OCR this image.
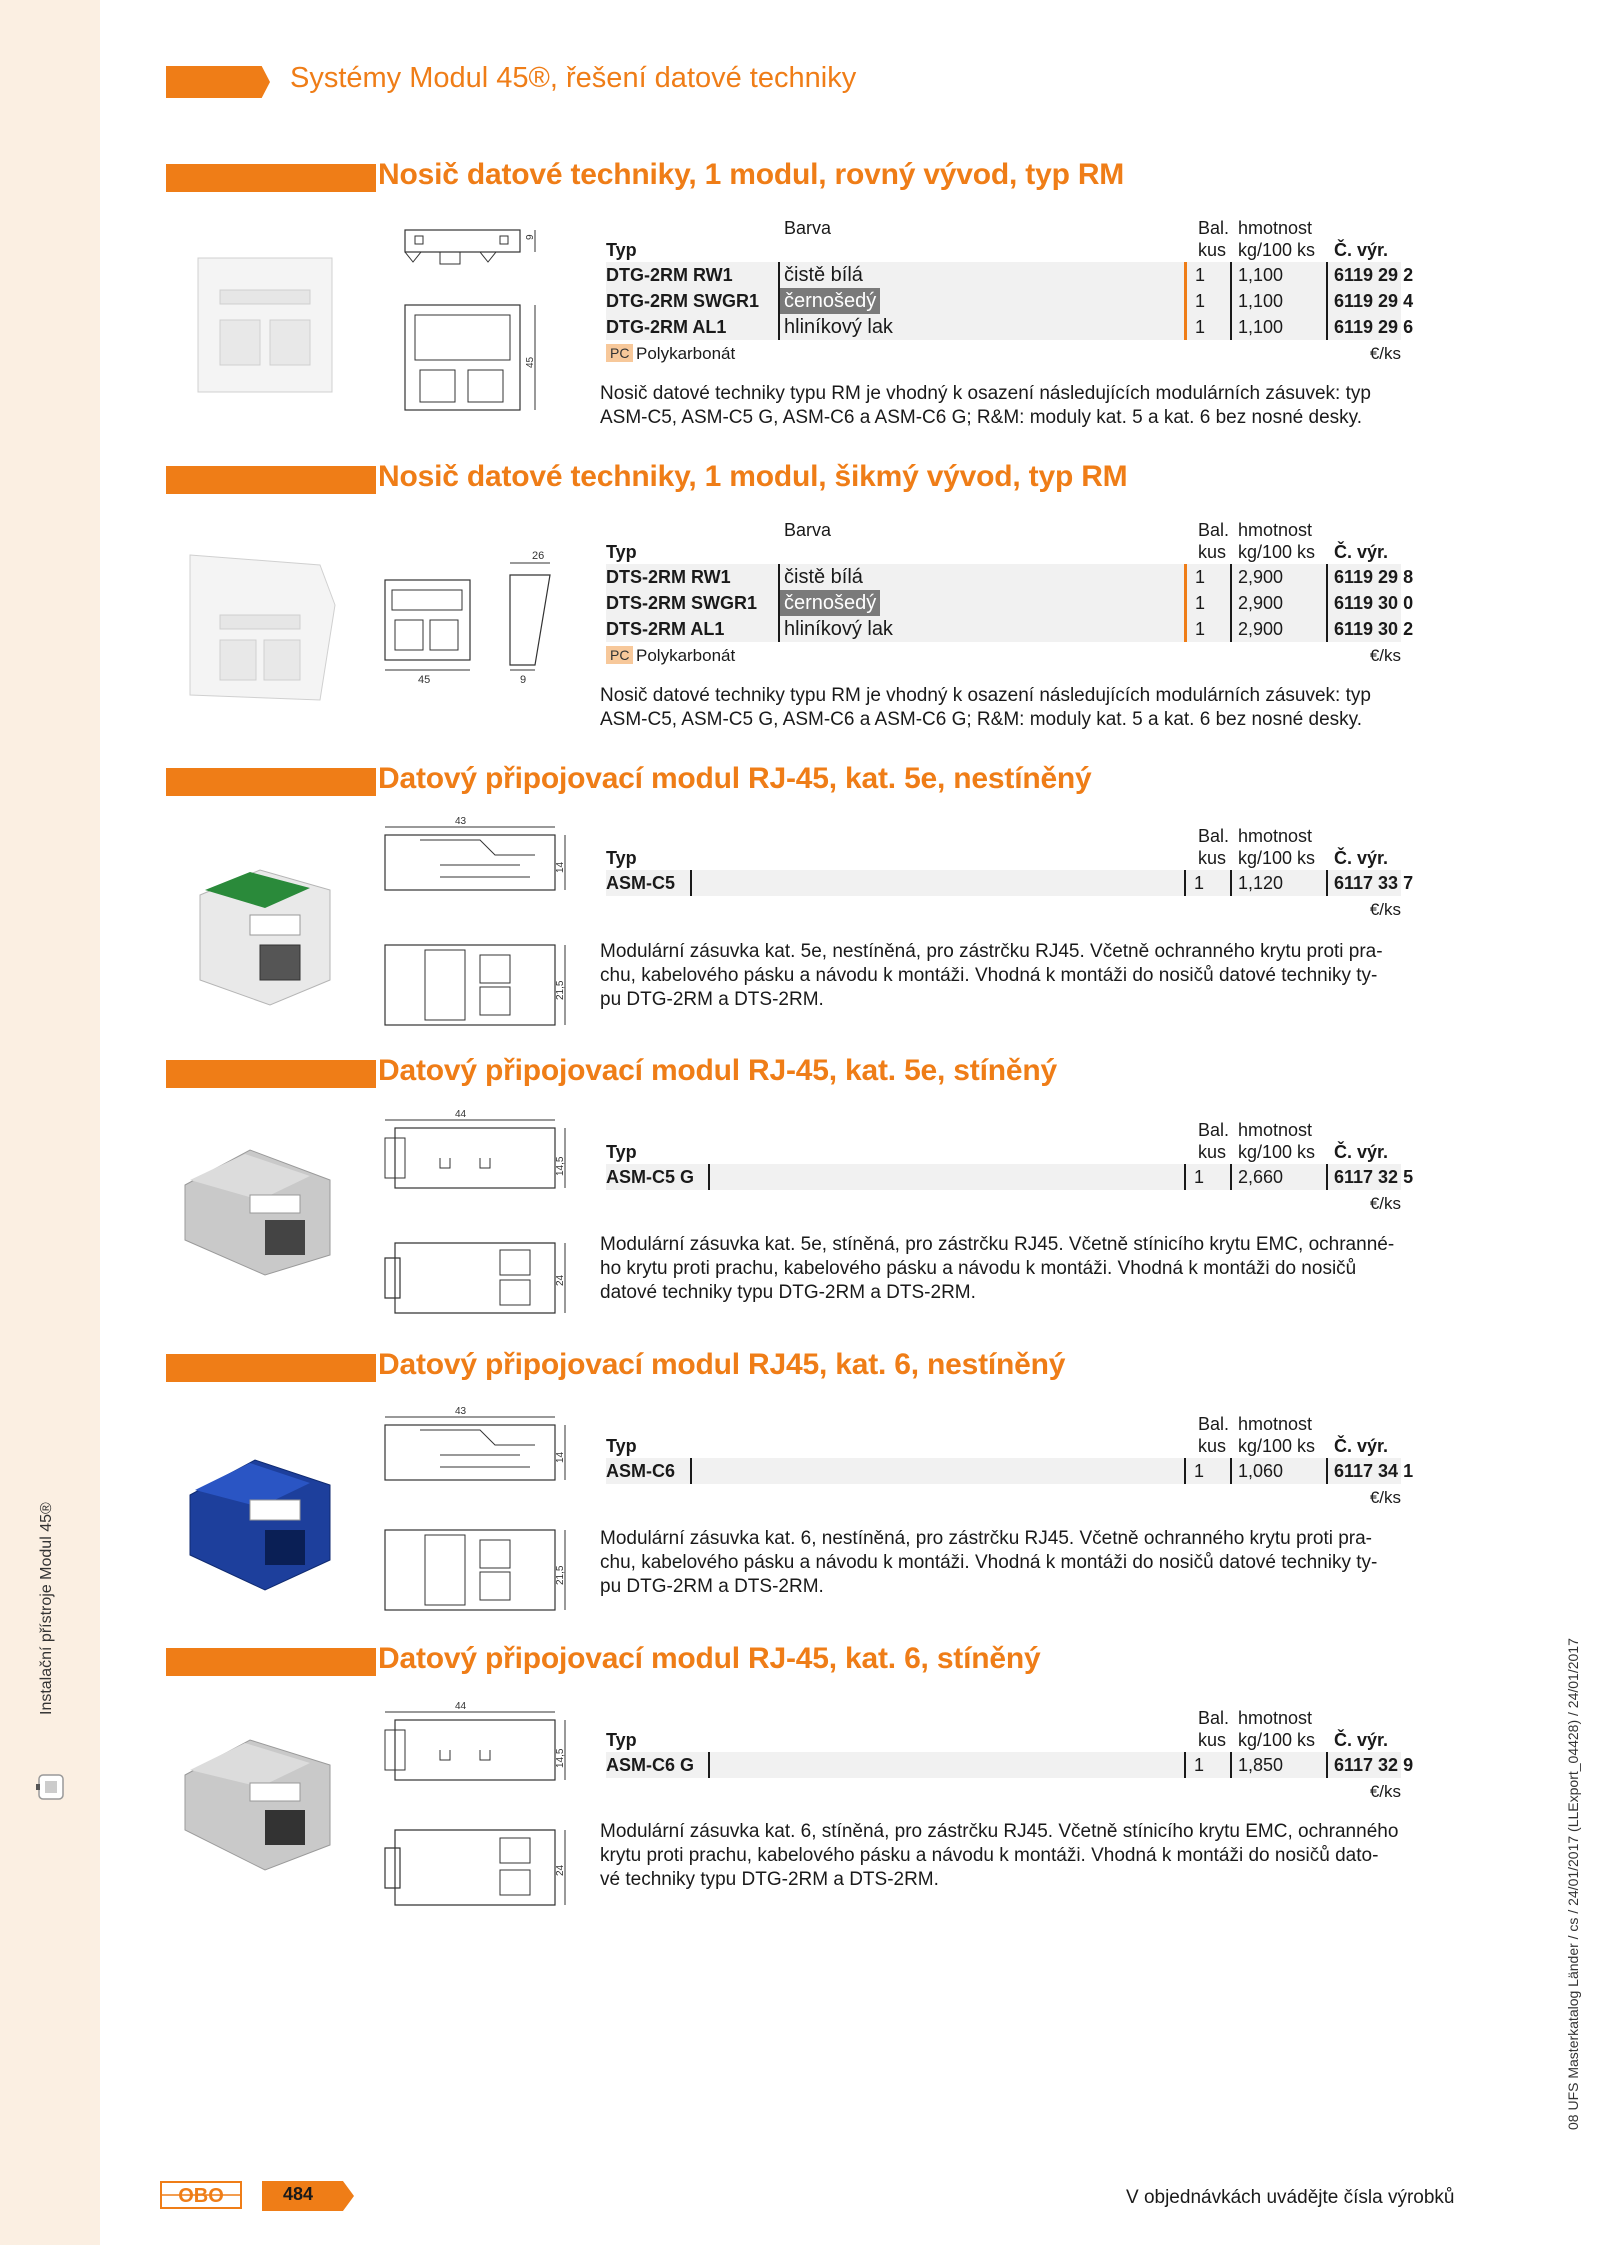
Instalační přístroje Modul 45®
08 UFS Masterkatalog Länder / cs / 24/01/2017 (LLExport_04428) / 24/01/2017
Systémy Modul 45®, řešení datové techniky
Nosič datové techniky, 1 modul, rovný vývod, typ RM
9
45
Barva	Bal. hmotnost
Typ	kus kg/100 ks Č. výr.
DTG-2RM RW1	čistě bílá	1	1,100	6119 29 2
DTG-2RM SWGR1	černošedý	1	1,100	6119 29 4
DTG-2RM AL1	hliníkový lak	1	1,100	6119 29 6
PC Polykarbonát	€/ks
Nosič datové techniky typu RM je vhodný k osazení následujících modulárních zásuvek: typ
ASM-C5, ASM-C5 G, ASM-C6 a ASM-C6 G; R&M: moduly kat. 5 a kat. 6 bez nosné desky.
Nosič datové techniky, 1 modul, šikmý vývod, typ RM
45
26
9
Barva	Bal. hmotnost
Typ	kus kg/100 ks Č. výr.
DTS-2RM RW1	čistě bílá	1	2,900	6119 29 8
DTS-2RM SWGR1	černošedý	1	2,900	6119 30 0
DTS-2RM AL1	hliníkový lak	1	2,900	6119 30 2
PC Polykarbonát	€/ks
Nosič datové techniky typu RM je vhodný k osazení následujících modulárních zásuvek: typ
ASM-C5, ASM-C5 G, ASM-C6 a ASM-C6 G; R&M: moduly kat. 5 a kat. 6 bez nosné desky.
Datový připojovací modul RJ-45, kat. 5e, nestíněný
43
14
21,5
Bal. hmotnost
Typ	kus kg/100 ks Č. výr.
ASM-C5	1	1,120	6117 33 7
€/ks
Modulární zásuvka kat. 5e, nestíněná, pro zástrčku RJ45. Včetně ochranného krytu proti pra-
chu, kabelového pásku a návodu k montáži. Vhodná k montáži do nosičů datové techniky ty-
pu DTG-2RM a DTS-2RM.
Datový připojovací modul RJ-45, kat. 5e, stíněný
44
14,5
24
Bal. hmotnost
Typ	kus kg/100 ks Č. výr.
ASM-C5 G	1	2,660	6117 32 5
€/ks
Modulární zásuvka kat. 5e, stíněná, pro zástrčku RJ45. Včetně stínicího krytu EMC, ochranné-
ho krytu proti prachu, kabelového pásku a návodu k montáži. Vhodná k montáži do nosičů
datové techniky typu DTG-2RM a DTS-2RM.
Datový připojovací modul RJ45, kat. 6, nestíněný
43
14
21,5
Bal. hmotnost
Typ	kus kg/100 ks Č. výr.
ASM-C6	1	1,060	6117 34 1
€/ks
Modulární zásuvka kat. 6, nestíněná, pro zástrčku RJ45. Včetně ochranného krytu proti pra-
chu, kabelového pásku a návodu k montáži. Vhodná k montáži do nosičů datové techniky ty-
pu DTG-2RM a DTS-2RM.
Datový připojovací modul RJ-45, kat. 6, stíněný
44
14,5
24
Bal. hmotnost
Typ	kus kg/100 ks Č. výr.
ASM-C6 G	1	1,850	6117 32 9
€/ks
Modulární zásuvka kat. 6, stíněná, pro zástrčku RJ45. Včetně stínicího krytu EMC, ochranného
krytu proti prachu, kabelového pásku a návodu k montáži. Vhodná k montáži do nosičů dato-
vé techniky typu DTG-2RM a DTS-2RM.
OBO	484	V objednávkách uvádějte čísla výrobků
